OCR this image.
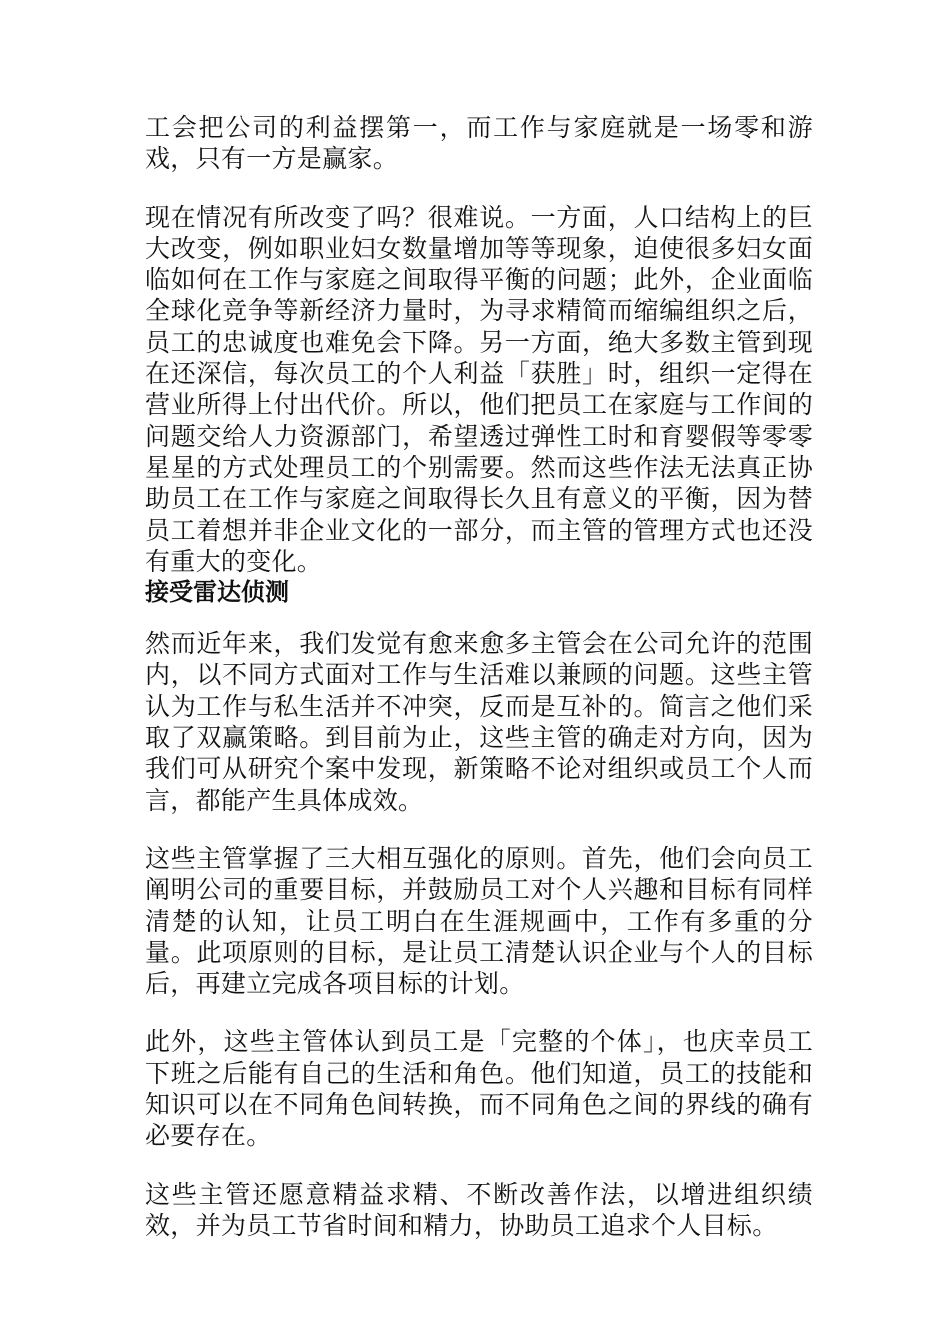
工会把公司的利益摆第一，而工作与家庭就是一场零和游戏，只有一方是赢家。

现在情况有所改变了吗？很难说。一方面，人口结构上的巨大改变，例如职业妇女数量增加等等现象，迫使很多妇女面临如何在工作与家庭之间取得平衡的问题；此外，企业面临全球化竞争等新经济力量时，为寻求精简而缩编组织之后，员工的忠诚度也难免会下降。另一方面，绝大多数主管到现在还深信，每次员工的个人利益「获胜」时，组织一定得在营业所得上付出代价。所以，他们把员工在家庭与工作间的问题交给人力资源部门，希望透过弹性工时和育婴假等零零星星的方式处理员工的个别需要。然而这些作法无法真正协助员工在工作与家庭之间取得长久且有意义的平衡，因为替员工着想并非企业文化的一部分，而主管的管理方式也还没有重大的变化。

接受雷达侦测

然而近年来，我们发觉有愈来愈多主管会在公司允许的范围内，以不同方式面对工作与生活难以兼顾的问题。这些主管认为工作与私生活并不冲突，反而是互补的。简言之他们采取了双赢策略。到目前为止，这些主管的确走对方向，因为我们可从研究个案中发现，新策略不论对组织或员工个人而言，都能产生具体成效。

这些主管掌握了三大相互强化的原则。首先，他们会向员工阐明公司的重要目标，并鼓励员工对个人兴趣和目标有同样清楚的认知，让员工明白在生涯规画中，工作有多重的分量。此项原则的目标，是让员工清楚认识企业与个人的目标后，再建立完成各项目标的计划。

此外，这些主管体认到员工是「完整的个体」，也庆幸员工下班之后能有自己的生活和角色。他们知道，员工的技能和知识可以在不同角色间转换，而不同角色之间的界线的确有必要存在。

这些主管还愿意精益求精、不断改善作法，以增进组织绩效，并为员工节省时间和精力，协助员工追求个人目标。
